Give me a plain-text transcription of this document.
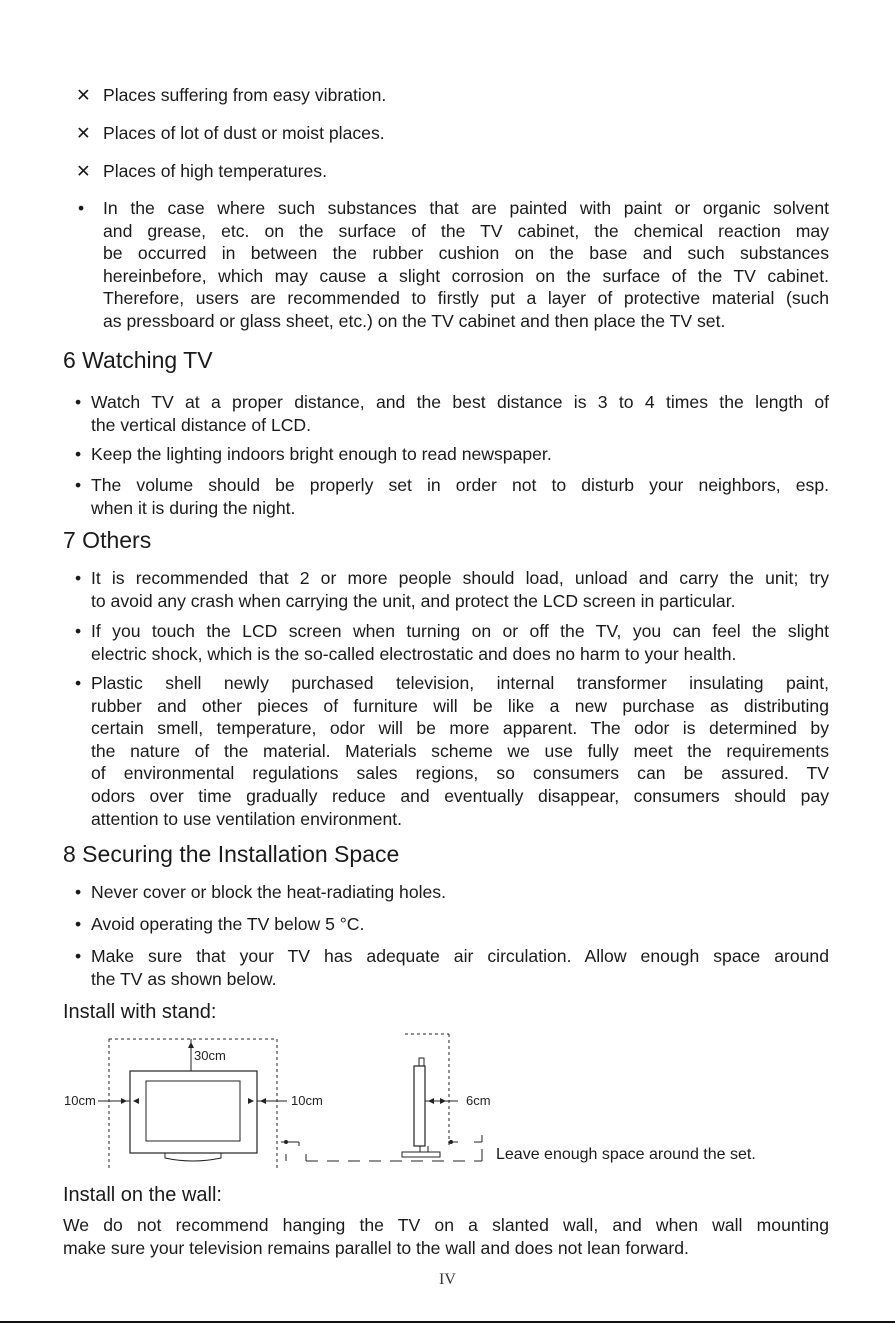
✕ Places suffering from easy vibration.
✕ Places of lot of dust or moist places.
✕ Places of high temperatures.
• In the case where such substances that are painted with paint or organic solvent
and grease, etc. on the surface of the TV cabinet, the chemical reaction may
be occurred in between the rubber cushion on the base and such substances
hereinbefore, which may cause a slight corrosion on the surface of the TV cabinet.
Therefore, users are recommended to firstly put a layer of protective material (such
as pressboard or glass sheet, etc.) on the TV cabinet and then place the TV set.
6 Watching TV
• Watch TV at a proper distance, and the best distance is 3 to 4 times the length of
the vertical distance of LCD.
• Keep the lighting indoors bright enough to read newspaper.
• The volume should be properly set in order not to disturb your neighbors, esp.
when it is during the night.
7 Others
• It is recommended that 2 or more people should load, unload and carry the unit; try
to avoid any crash when carrying the unit, and protect the LCD screen in particular.
• If you touch the LCD screen when turning on or off the TV, you can feel the slight
electric shock, which is the so-called electrostatic and does no harm to your health.
• Plastic shell newly purchased television, internal transformer insulating paint,
rubber and other pieces of furniture will be like a new purchase as distributing
certain smell, temperature, odor will be more apparent. The odor is determined by
the nature of the material. Materials scheme we use fully meet the requirements
of environmental regulations sales regions, so consumers can be assured. TV
odors over time gradually reduce and eventually disappear, consumers should pay
attention to use ventilation environment.
8 Securing the Installation Space
• Never cover or block the heat-radiating holes.
• Avoid operating the TV below 5 °C.
• Make sure that your TV has adequate air circulation. Allow enough space around
the TV as shown below.
Install with stand:
30cm
10cm	10cm	6cm
Leave enough space around the set.
Install on the wall:
We do not recommend hanging the TV on a slanted wall, and when wall mounting
make sure your television remains parallel to the wall and does not lean forward.
IV
